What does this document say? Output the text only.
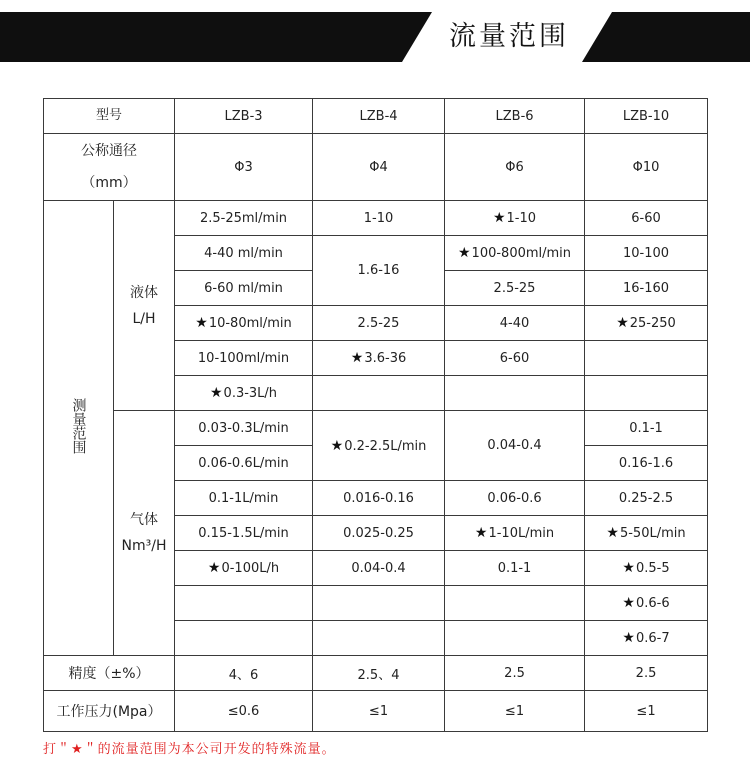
流量范围
型号		LZB-3	LZB-4	LZB-6	LZB-10

公称通径
（mm）		Φ3	Φ4	Φ6	Φ10
测量范围	液体
L/H	2.5-25ml/min	1-10	★1-10	6-60
		4-40 ml/min	1.6-16	★100-800ml/min	10-100
		6-60 ml/min		2.5-25	16-160
		★10-80ml/min	2.5-25	4-40	★25-250
		10-100ml/min	★3.6-36	6-60	
		★0.3-3L/h			

	气体
Nm³/H	0.03-0.3L/min	★0.2-2.5L/min	0.04-0.4	0.1-1
		0.06-0.6L/min			0.16-1.6
		0.1-1L/min	0.016-0.16	0.06-0.6	0.25-2.5
		0.15-1.5L/min	0.025-0.25	★1-10L/min	★5-50L/min
		★0-100L/h	0.04-0.4	0.1-1	★0.5-5
					★0.6-6
					★0.6-7
精度（±%）		4、6	2.5、4	2.5	2.5
工作压力(Mpa）		≤0.6	≤1	≤1	≤1
打＂★＂的流量范围为本公司开发的特殊流量。
